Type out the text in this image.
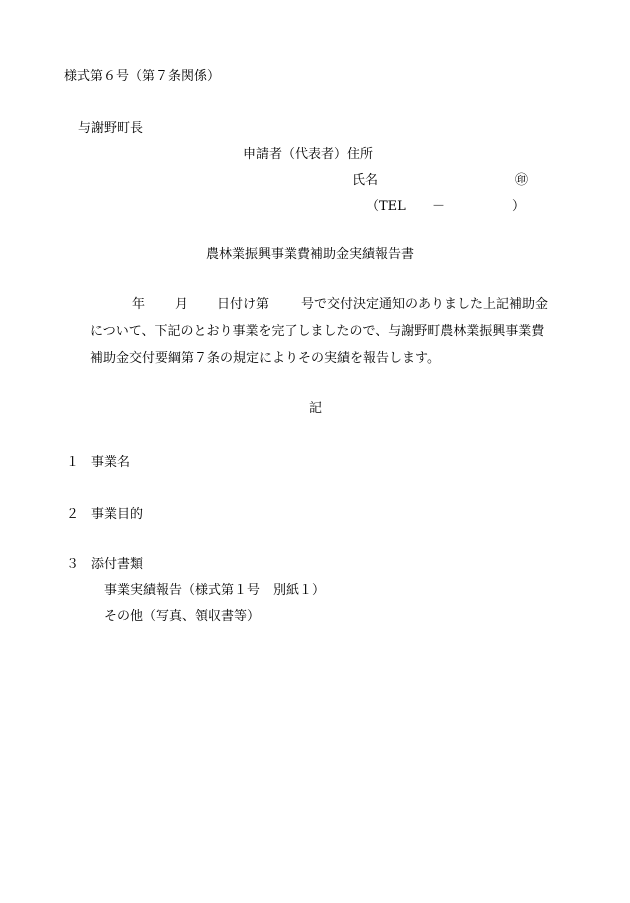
様式第６号（第７条関係）
与謝野町長
申請者（代表者）住所
氏名	㊞
（TEL －	）
農林業振興事業費補助金実績報告書
年 月 日付け第 号で交付決定通知のありました上記補助金
について、下記のとおり事業を完了しましたので、与謝野町農林業振興事業費
補助金交付要綱第７条の規定によりその実績を報告します。
記
１ 事業名
２ 事業目的
３ 添付書類
事業実績報告（様式第１号　別紙１）
その他（写真、領収書等）
